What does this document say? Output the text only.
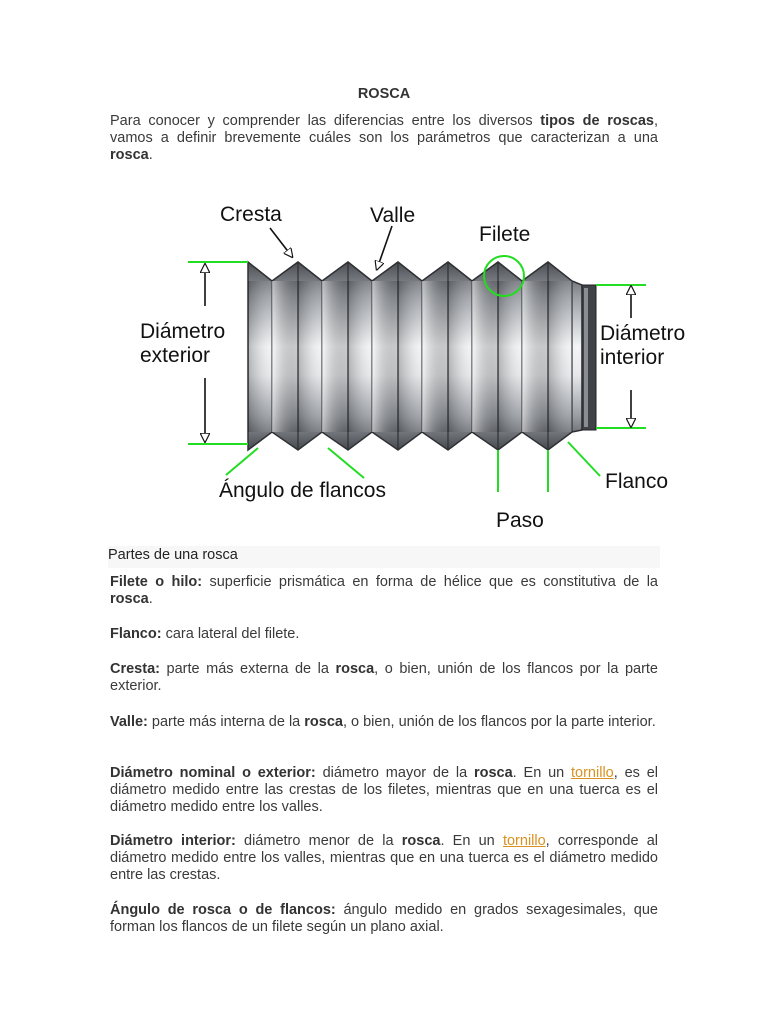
ROSCA

Para conocer y comprender las diferencias entre los diversos tipos de roscas, vamos a definir brevemente cuáles son los parámetros que caracterizan a una rosca.

Cresta	Valle
Filete
Diámetro
exterior
Diámetro
interior
Ángulo de flancos	Flanco
Paso
Partes de una rosca

Filete o hilo: superficie prismática en forma de hélice que es constitutiva de la rosca.

Flanco: cara lateral del filete.

Cresta: parte más externa de la rosca, o bien, unión de los flancos por la parte exterior.

Valle: parte más interna de la rosca, o bien, unión de los flancos por la parte interior.

Diámetro nominal o exterior: diámetro mayor de la rosca. En un tornillo, es el diámetro medido entre las crestas de los filetes, mientras que en una tuerca es el diámetro medido entre los valles.

Diámetro interior: diámetro menor de la rosca. En un tornillo, corresponde al diámetro medido entre los valles, mientras que en una tuerca es el diámetro medido entre las crestas.

Ángulo de rosca o de flancos: ángulo medido en grados sexagesimales, que forman los flancos de un filete según un plano axial.
